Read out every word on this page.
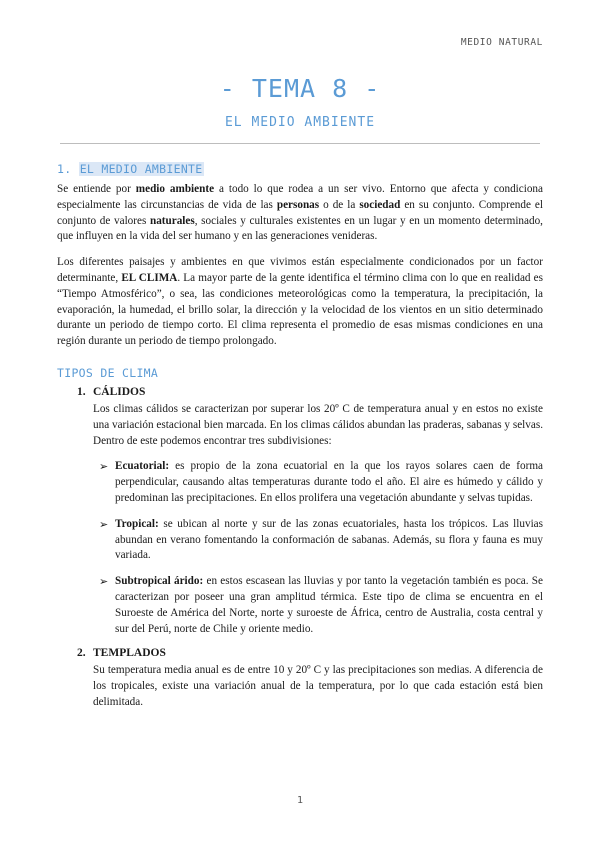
MEDIO NATURAL
- TEMA 8 -
EL MEDIO AMBIENTE
1. EL MEDIO AMBIENTE

Se entiende por medio ambiente a todo lo que rodea a un ser vivo. Entorno que afecta y condiciona especialmente las circunstancias de vida de las personas o de la sociedad en su conjunto. Comprende el conjunto de valores naturales, sociales y culturales existentes en un lugar y en un momento determinado, que influyen en la vida del ser humano y en las generaciones venideras.

Los diferentes paisajes y ambientes en que vivimos están especialmente condicionados por un factor determinante, EL CLIMA. La mayor parte de la gente identifica el término clima con lo que en realidad es “Tiempo Atmosférico”, o sea, las condiciones meteorológicas como la temperatura, la precipitación, la evaporación, la humedad, el brillo solar, la dirección y la velocidad de los vientos en un sitio determinado durante un periodo de tiempo corto. El clima representa el promedio de esas mismas condiciones en una región durante un periodo de tiempo prolongado.

TIPOS DE CLIMA
1. CÁLIDOS

Los climas cálidos se caracterizan por superar los 20º C de temperatura anual y en estos no existe una variación estacional bien marcada. En los climas cálidos abundan las praderas, sabanas y selvas. Dentro de este podemos encontrar tres subdivisiones:

➢ Ecuatorial: es propio de la zona ecuatorial en la que los rayos solares caen de forma perpendicular, causando altas temperaturas durante todo el año. El aire es húmedo y cálido y predominan las precipitaciones. En ellos prolifera una vegetación abundante y selvas tupidas.
➢ Tropical: se ubican al norte y sur de las zonas ecuatoriales, hasta los trópicos. Las lluvias abundan en verano fomentando la conformación de sabanas. Además, su flora y fauna es muy variada.
➢ Subtropical árido: en estos escasean las lluvias y por tanto la vegetación también es poca. Se caracterizan por poseer una gran amplitud térmica. Este tipo de clima se encuentra en el Suroeste de América del Norte, norte y suroeste de África, centro de Australia, costa central y sur del Perú, norte de Chile y oriente medio.
2. TEMPLADOS

Su temperatura media anual es de entre 10 y 20º C y las precipitaciones son medias. A diferencia de los tropicales, existe una variación anual de la temperatura, por lo que cada estación está bien delimitada.

1
